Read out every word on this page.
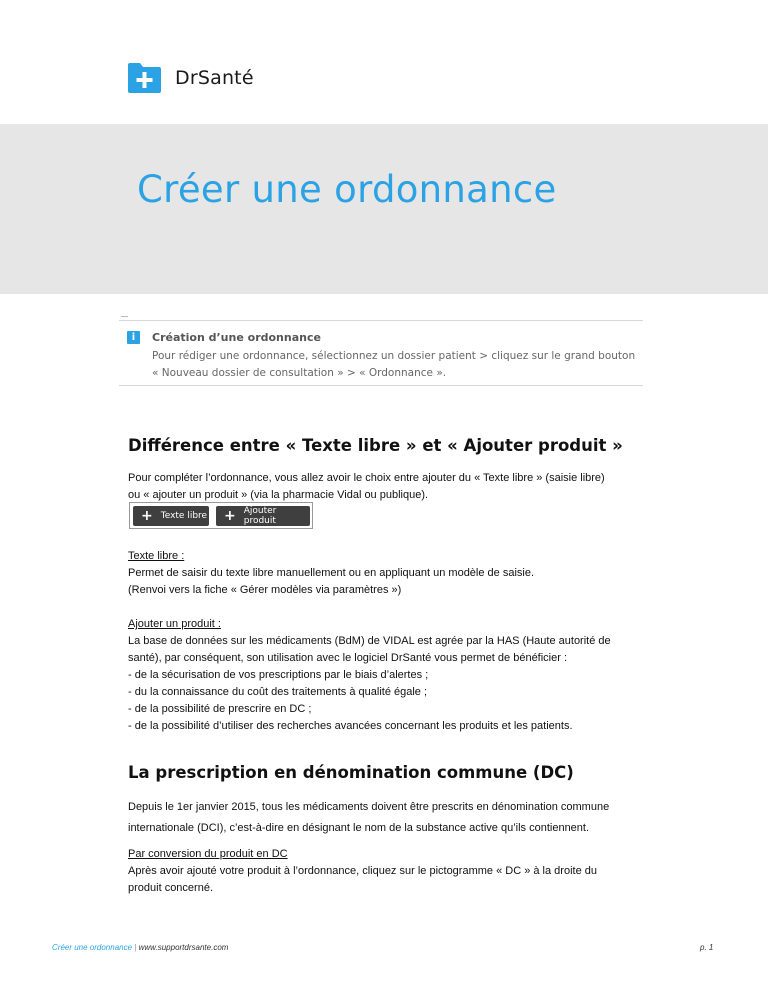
DrSanté
Créer une ordonnance
i	Création d’une ordonnance
Pour rédiger une ordonnance, sélectionnez un dossier patient > cliquez sur le grand bouton
« Nouveau dossier de consultation » > « Ordonnance ».
Différence entre « Texte libre » et « Ajouter produit »
Pour compléter l’ordonnance, vous allez avoir le choix entre ajouter du « Texte libre » (saisie libre)
ou « ajouter un produit » (via la pharmacie Vidal ou publique).
+ Texte libre + Ajouter produit
Texte libre :
Permet de saisir du texte libre manuellement ou en appliquant un modèle de saisie.
(Renvoi vers la fiche « Gérer modèles via paramètres »)
Ajouter un produit :
La base de données sur les médicaments (BdM) de VIDAL est agrée par la HAS (Haute autorité de
santé), par conséquent, son utilisation avec le logiciel DrSanté vous permet de bénéficier :
- de la sécurisation de vos prescriptions par le biais d’alertes ;
- du la connaissance du coût des traitements à qualité égale ;
- de la possibilité de prescrire en DC ;
- de la possibilité d’utiliser des recherches avancées concernant les produits et les patients.
La prescription en dénomination commune (DC)
Depuis le 1er janvier 2015, tous les médicaments doivent être prescrits en dénomination commune
internationale (DCI), c’est-à-dire en désignant le nom de la substance active qu’ils contiennent.
Par conversion du produit en DC
Après avoir ajouté votre produit à l’ordonnance, cliquez sur le pictogramme « DC » à la droite du
produit concerné.
Créer une ordonnance | www.supportdrsante.com	p. 1
